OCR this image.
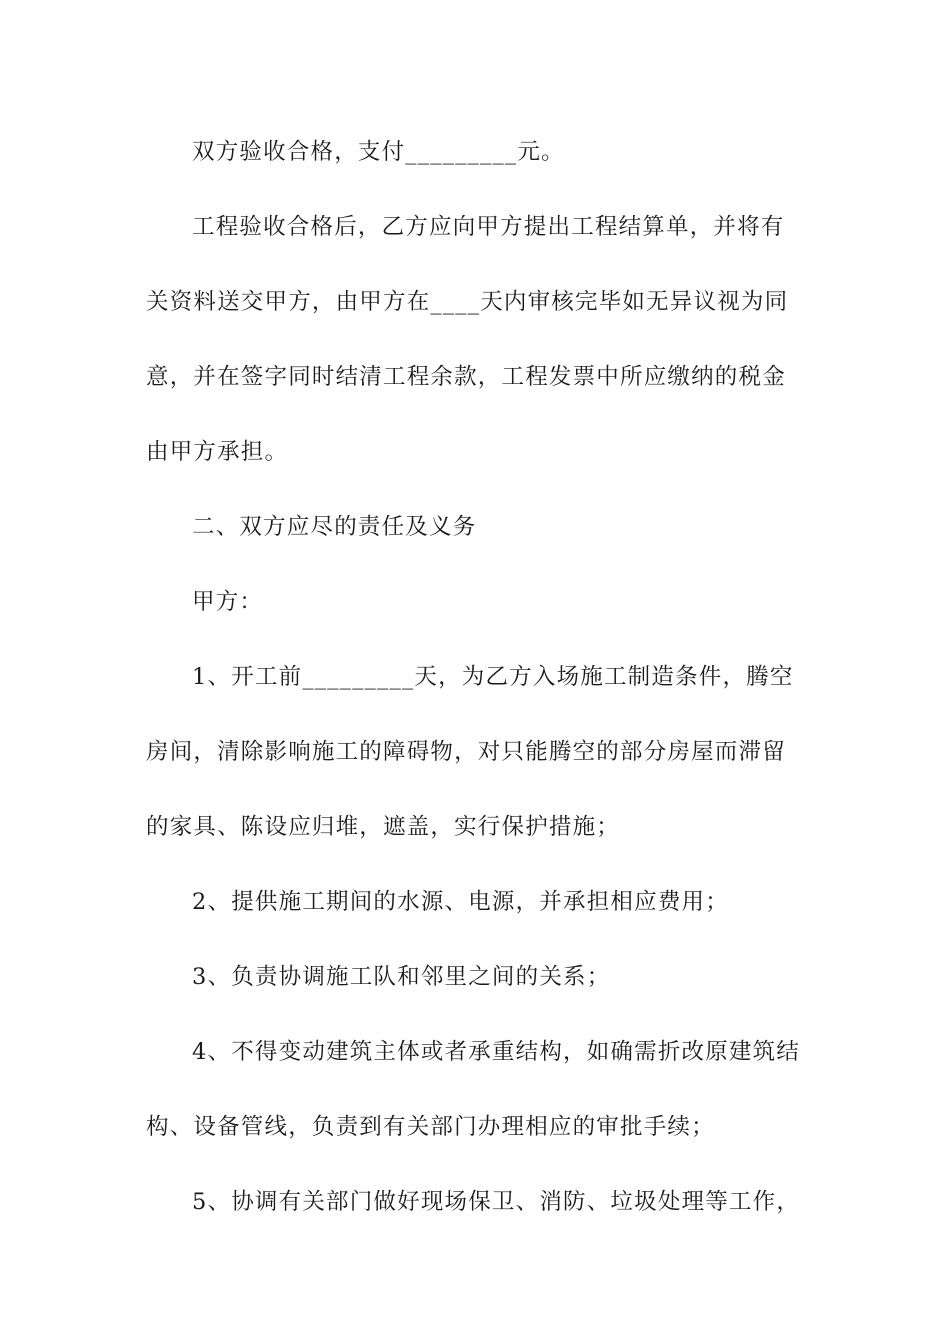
双方验收合格，支付_________元。
工程验收合格后，乙方应向甲方提出工程结算单，并将有
关资料送交甲方，由甲方在____天内审核完毕如无异议视为同
意，并在签字同时结清工程余款，工程发票中所应缴纳的税金
由甲方承担。
二、双方应尽的责任及义务
甲方：
1、开工前_________天，为乙方入场施工制造条件，腾空
房间，清除影响施工的障碍物，对只能腾空的部分房屋而滞留
的家具、陈设应归堆，遮盖，实行保护措施；
2、提供施工期间的水源、电源，并承担相应费用；
3、负责协调施工队和邻里之间的关系；
4、不得变动建筑主体或者承重结构，如确需折改原建筑结
构、设备管线，负责到有关部门办理相应的审批手续；
5、协调有关部门做好现场保卫、消防、垃圾处理等工作，
